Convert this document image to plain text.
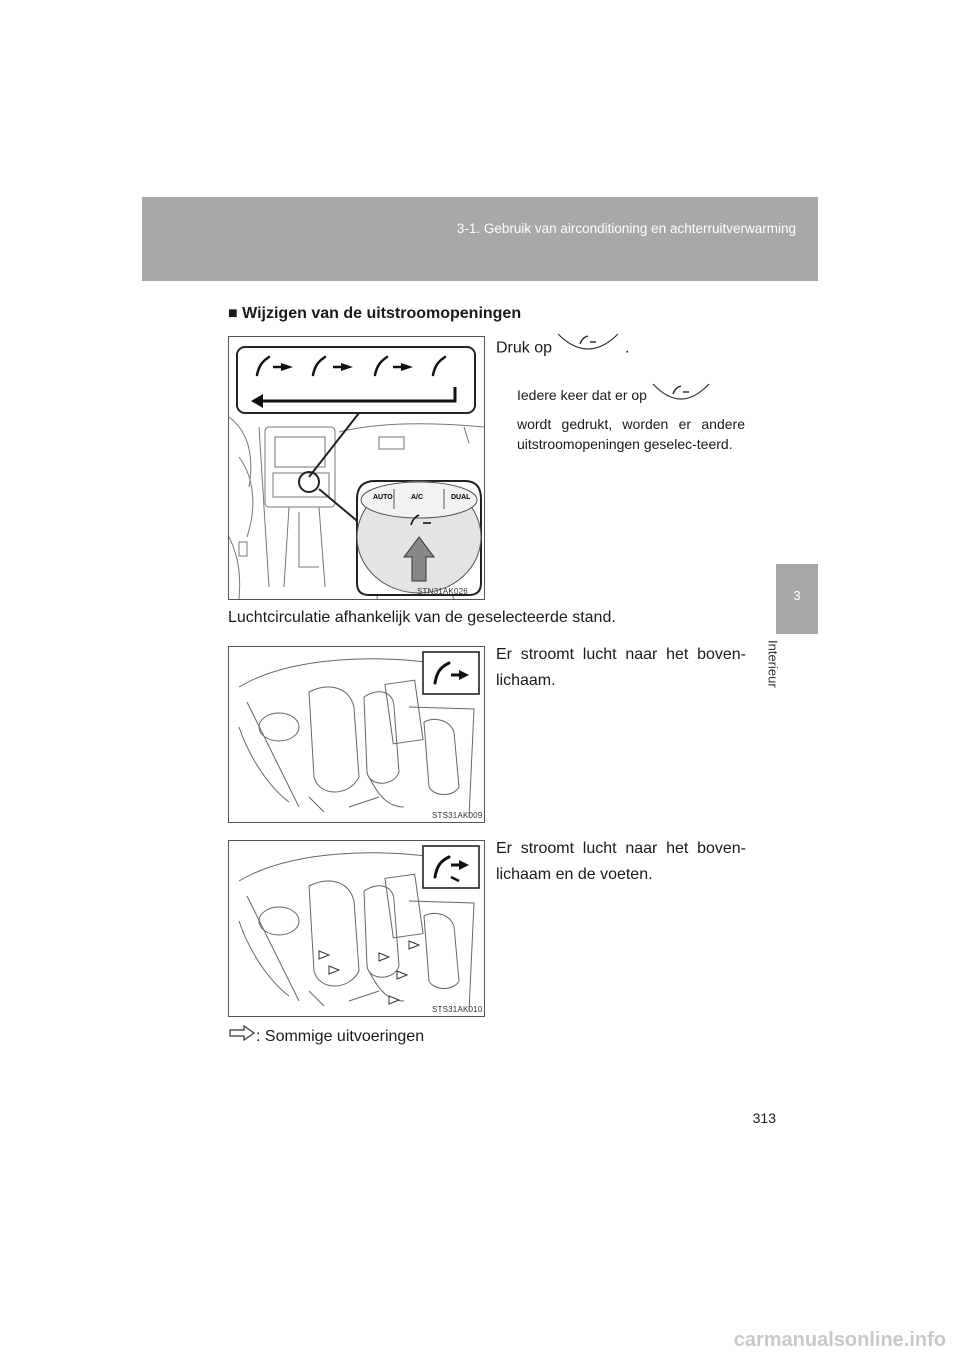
3-1. Gebruik van airconditioning en achterruitverwarming
3
Interieur
■ Wijzigen van de uitstroomopeningen
AUTO	A/C	DUAL
STN31AK026
Druk op	.
Iedere keer dat er op
wordt gedrukt, worden er andere uitstroomopeningen geselec-teerd.
Luchtcirculatie afhankelijk van de geselecteerde stand.
STS31AK009
Er stroomt lucht naar het boven-lichaam.
STS31AK010
Er stroomt lucht naar het boven-lichaam en de voeten.
: Sommige uitvoeringen
313
carmanualsonline.info
